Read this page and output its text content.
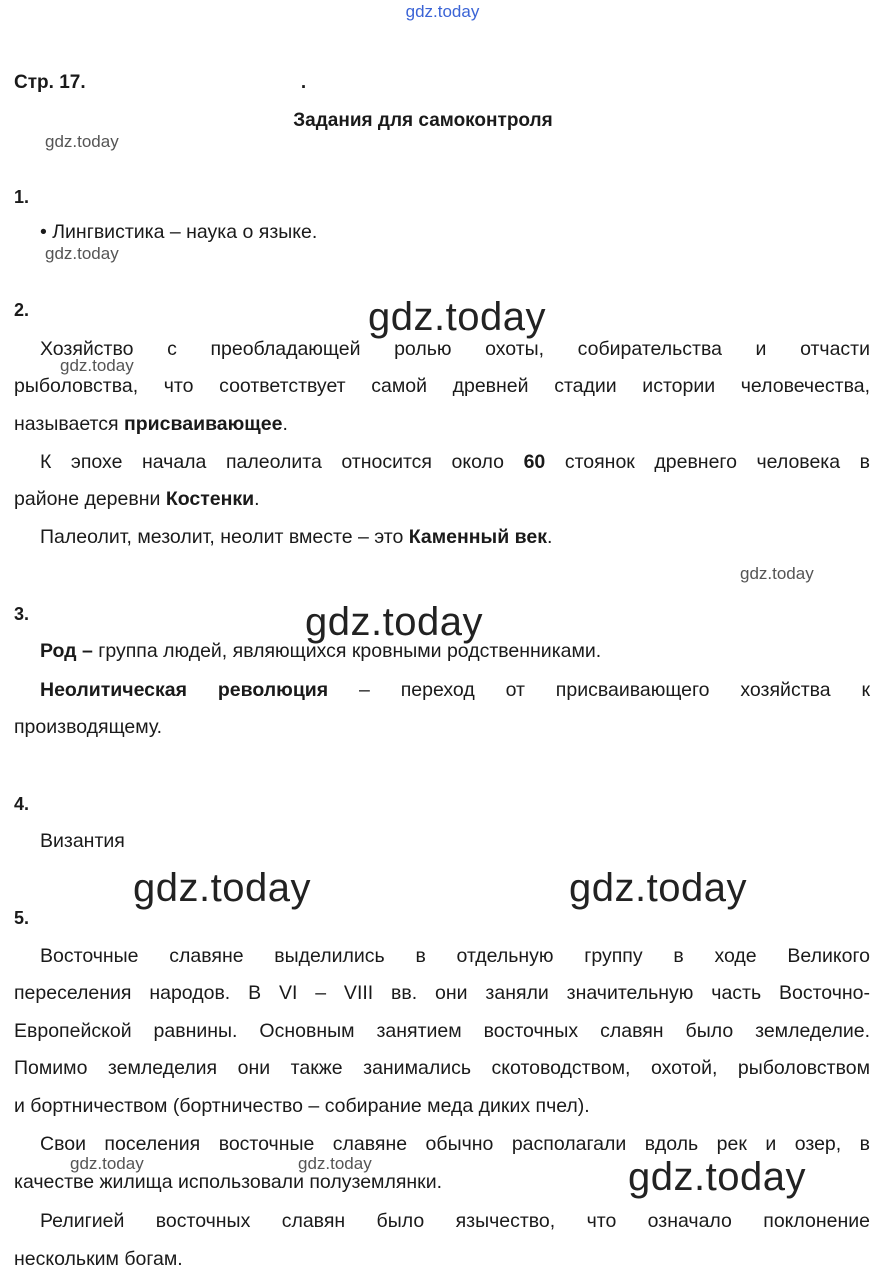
gdz.today
Стр. 17.	.
Задания для самоконтроля
1.
• Лингвистика – наука о языке.
2.
Хозяйство с преобладающей ролью охоты, собирательства и отчасти
рыболовства, что соответствует самой древней стадии истории человечества,
называется присваивающее.
К эпохе начала палеолита относится около 60 стоянок древнего человека в
районе деревни Костенки.
Палеолит, мезолит, неолит вместе – это Каменный век.
3.
Род – группа людей, являющихся кровными родственниками.
Неолитическая революция – переход от присваивающего хозяйства к
производящему.
4.
Византия
5.
Восточные славяне выделились в отдельную группу в ходе Великого
переселения народов. В VI – VIII вв. они заняли значительную часть Восточно-
Европейской равнины. Основным занятием восточных славян было земледелие.
Помимо земледелия они также занимались скотоводством, охотой, рыболовством
и бортничеством (бортничество – собирание меда диких пчел).
Свои поселения восточные славяне обычно располагали вдоль рек и озер, в
качестве жилища использовали полуземлянки.
Религией восточных славян было язычество, что означало поклонение
нескольким богам.
gdz.today
gdz.today
gdz.today
gdz.today
gdz.today	gdz.today
gdz.today
gdz.today
gdz.today	gdz.today
gdz.today
